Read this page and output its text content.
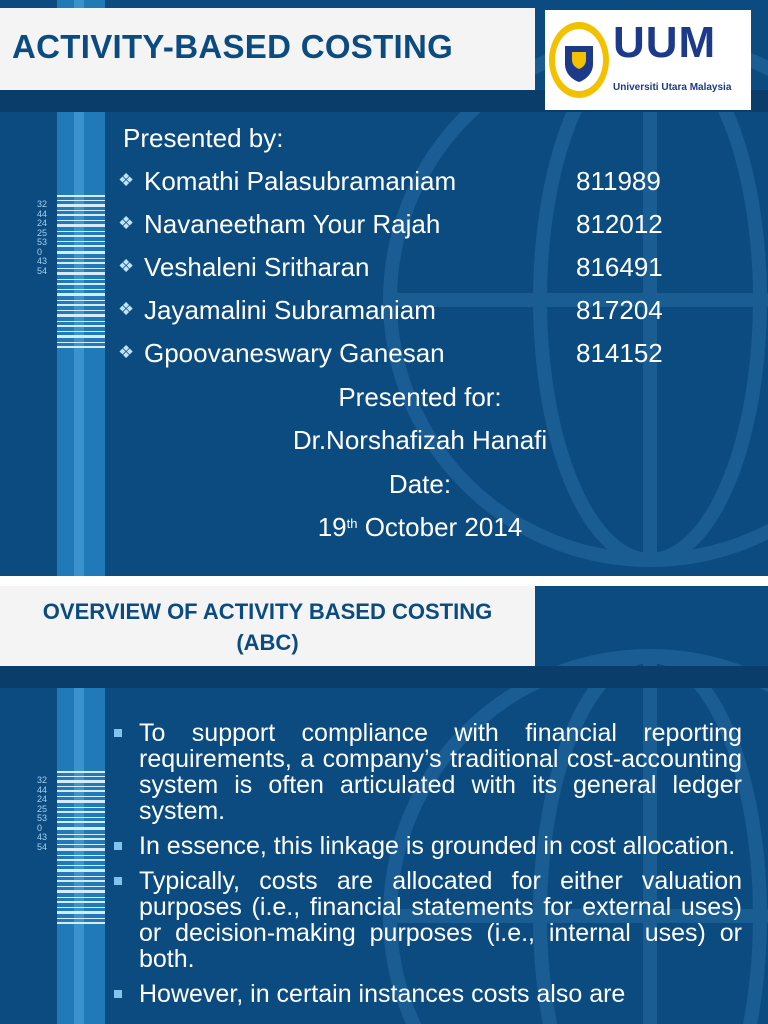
32442425530 4354
ACTIVITY-BASED COSTING	UUM
Universiti Utara Malaysia
Presented by:
❖Komathi Palasubramaniam	811989
❖ Navaneetham Your Rajah	812012
❖ Veshaleni Sritharan	816491
❖ Jayamalini Subramaniam	817204
❖ Gpoovaneswary Ganesan	814152
Presented for:
Dr.Norshafizah Hanafi
Date:
19th October 2014
32442425530 4354
OVERVIEW OF ACTIVITY BASED COSTING (ABC)
To support compliance with financial reporting requirements, a company’s traditional cost-accounting system is often articulated with its general ledger system.
In essence, this linkage is grounded in cost allocation.
Typically, costs are allocated for either valuation purposes (i.e., financial statements for external uses) or decision-making purposes (i.e., internal uses) or both.
However, in certain instances costs also are
